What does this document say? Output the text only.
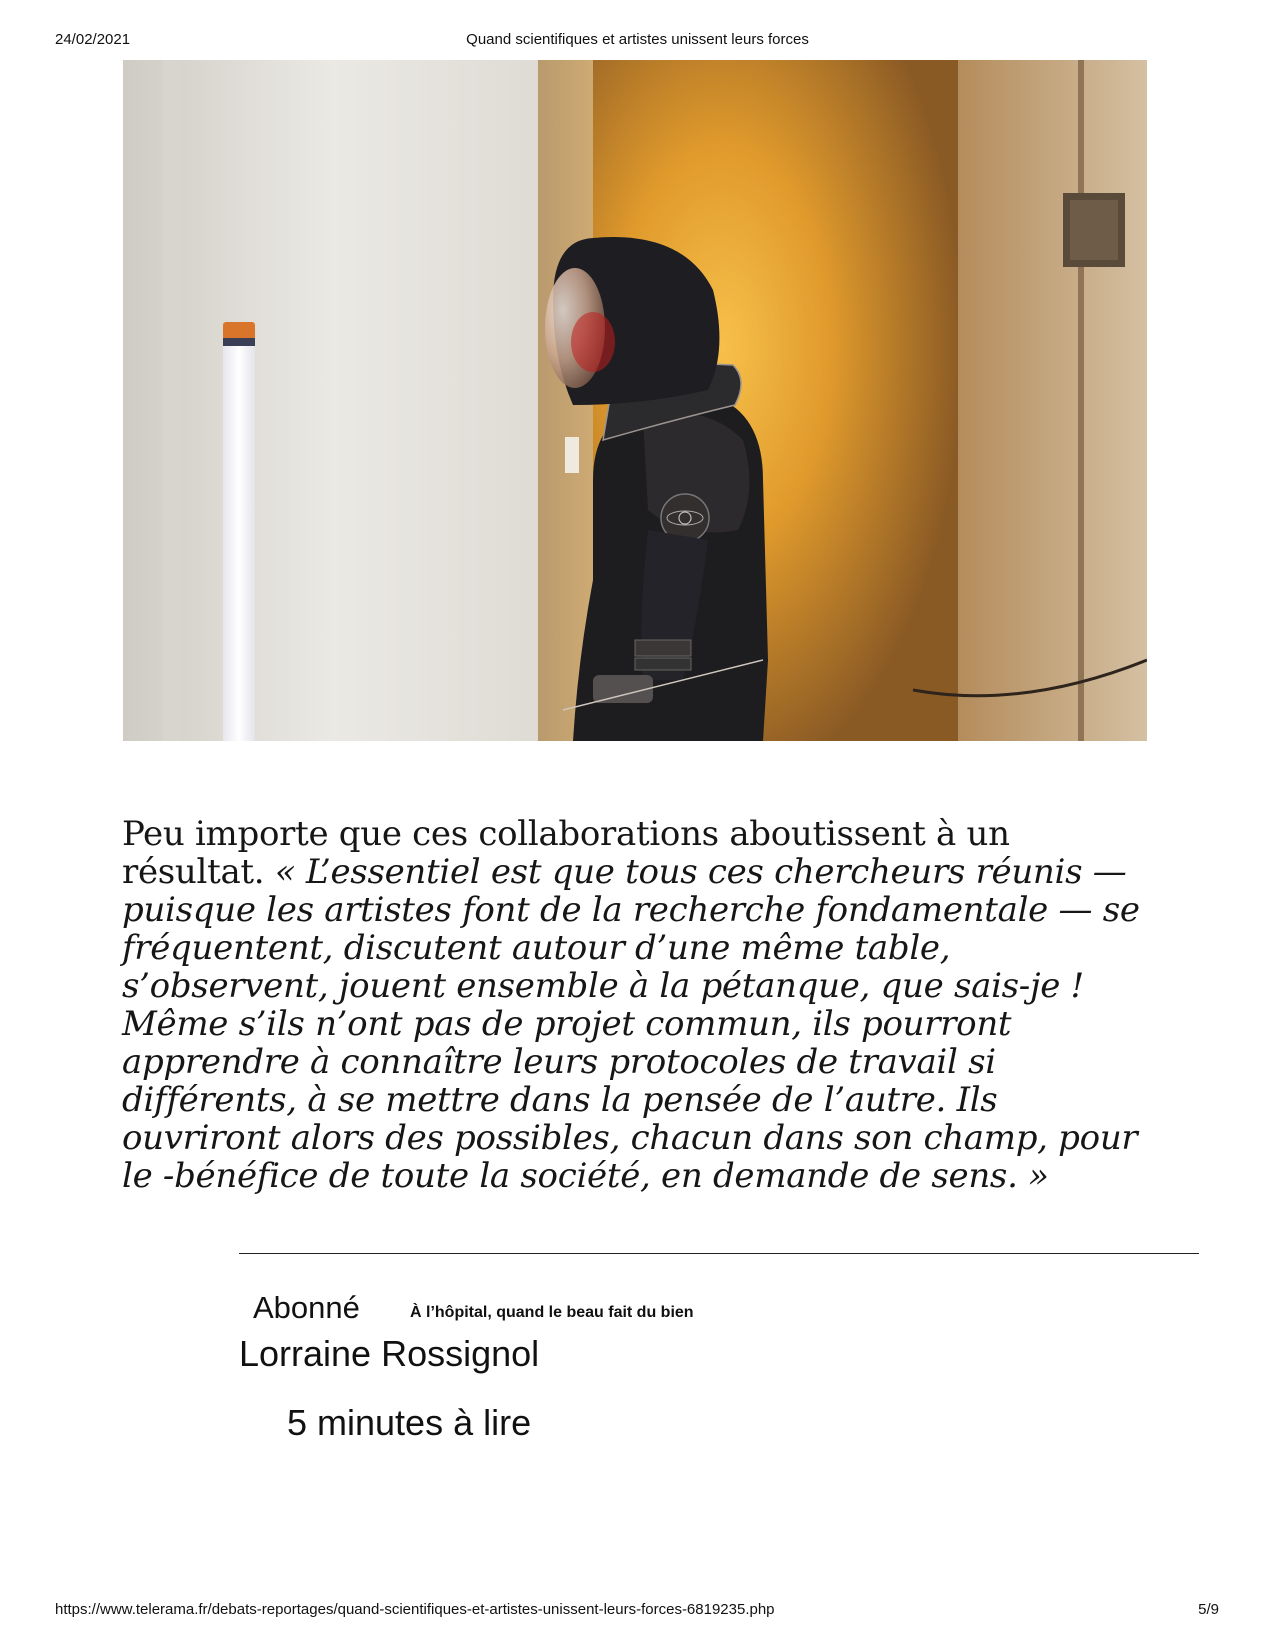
24/02/2021	Quand scientifiques et artistes unissent leurs forces

Peu importe que ces collaborations aboutissent à un résultat. « L’essentiel est que tous ces chercheurs réunis — puisque les artistes font de la recherche fondamentale — se fréquentent, discutent autour d’une même table, s’observent, jouent ensemble à la pétanque, que sais-je ! Même s’ils n’ont pas de projet commun, ils pourront apprendre à connaître leurs protocoles de travail si différents, à se mettre dans la pensée de l’autre. Ils ouvriront alors des possibles, chacun dans son champ, pour le -bénéfice de toute la société, en demande de sens. »

Abonné	À l’hôpital, quand le beau fait du bien
Lorraine Rossignol
5 minutes à lire
https://www.telerama.fr/debats-reportages/quand-scientifiques-et-artistes-unissent-leurs-forces-6819235.php	5/9
